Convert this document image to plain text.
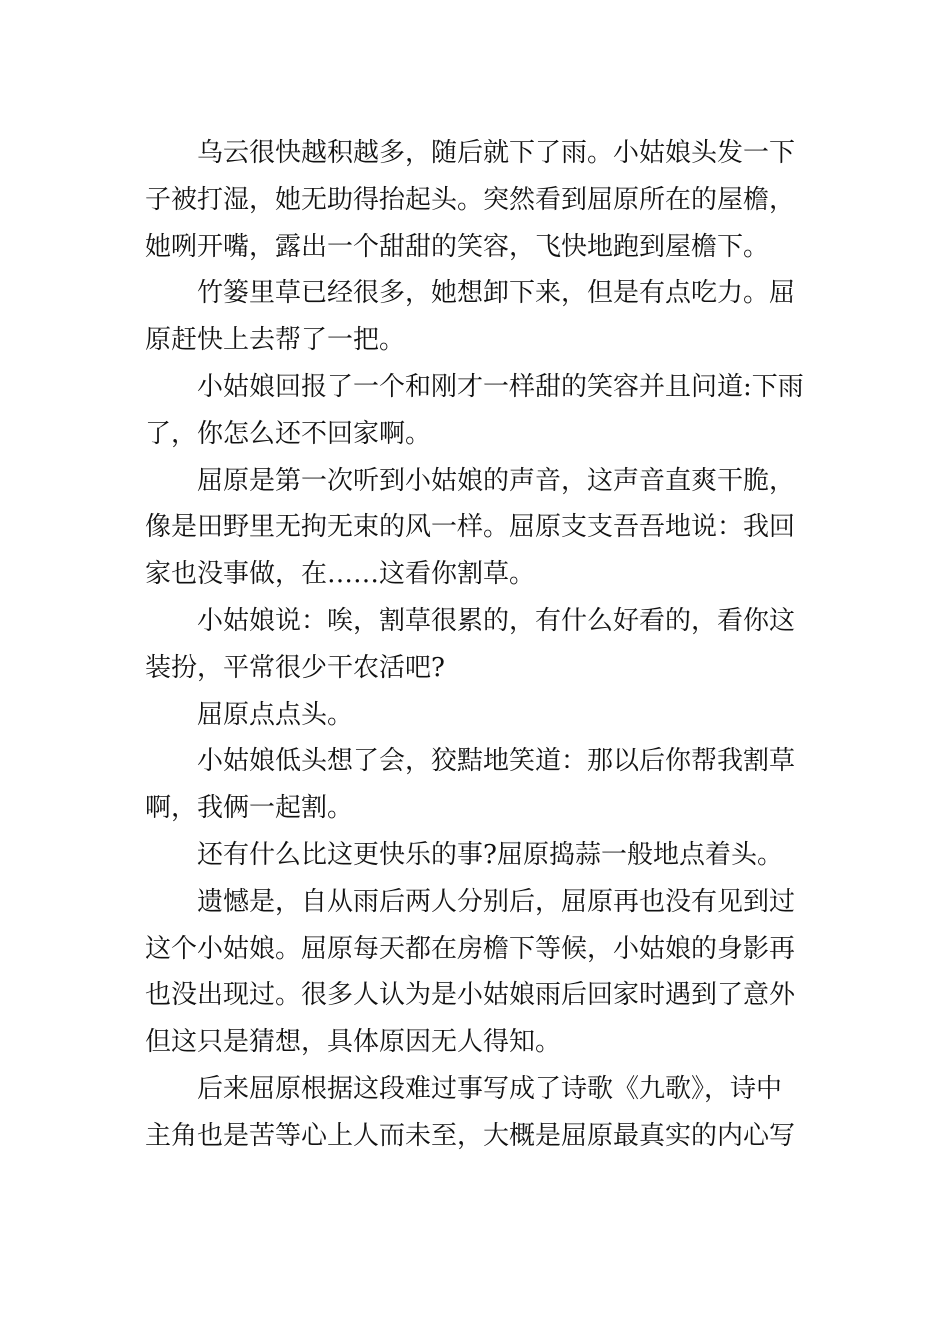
乌云很快越积越多，随后就下了雨。小姑娘头发一下
子被打湿，她无助得抬起头。突然看到屈原所在的屋檐，
她咧开嘴，露出一个甜甜的笑容，飞快地跑到屋檐下。
竹篓里草已经很多，她想卸下来，但是有点吃力。屈
原赶快上去帮了一把。
小姑娘回报了一个和刚才一样甜的笑容并且问道:下雨
了，你怎么还不回家啊。
屈原是第一次听到小姑娘的声音，这声音直爽干脆，
像是田野里无拘无束的风一样。屈原支支吾吾地说：我回
家也没事做，在……这看你割草。
小姑娘说：唉，割草很累的，有什么好看的，看你这
装扮，平常很少干农活吧?
屈原点点头。
小姑娘低头想了会，狡黠地笑道：那以后你帮我割草
啊，我俩一起割。
还有什么比这更快乐的事?屈原捣蒜一般地点着头。
遗憾是，自从雨后两人分别后，屈原再也没有见到过
这个小姑娘。屈原每天都在房檐下等候，小姑娘的身影再
也没出现过。很多人认为是小姑娘雨后回家时遇到了意外
但这只是猜想，具体原因无人得知。
后来屈原根据这段难过事写成了诗歌《九歌》，诗中
主角也是苦等心上人而未至，大概是屈原最真实的内心写
